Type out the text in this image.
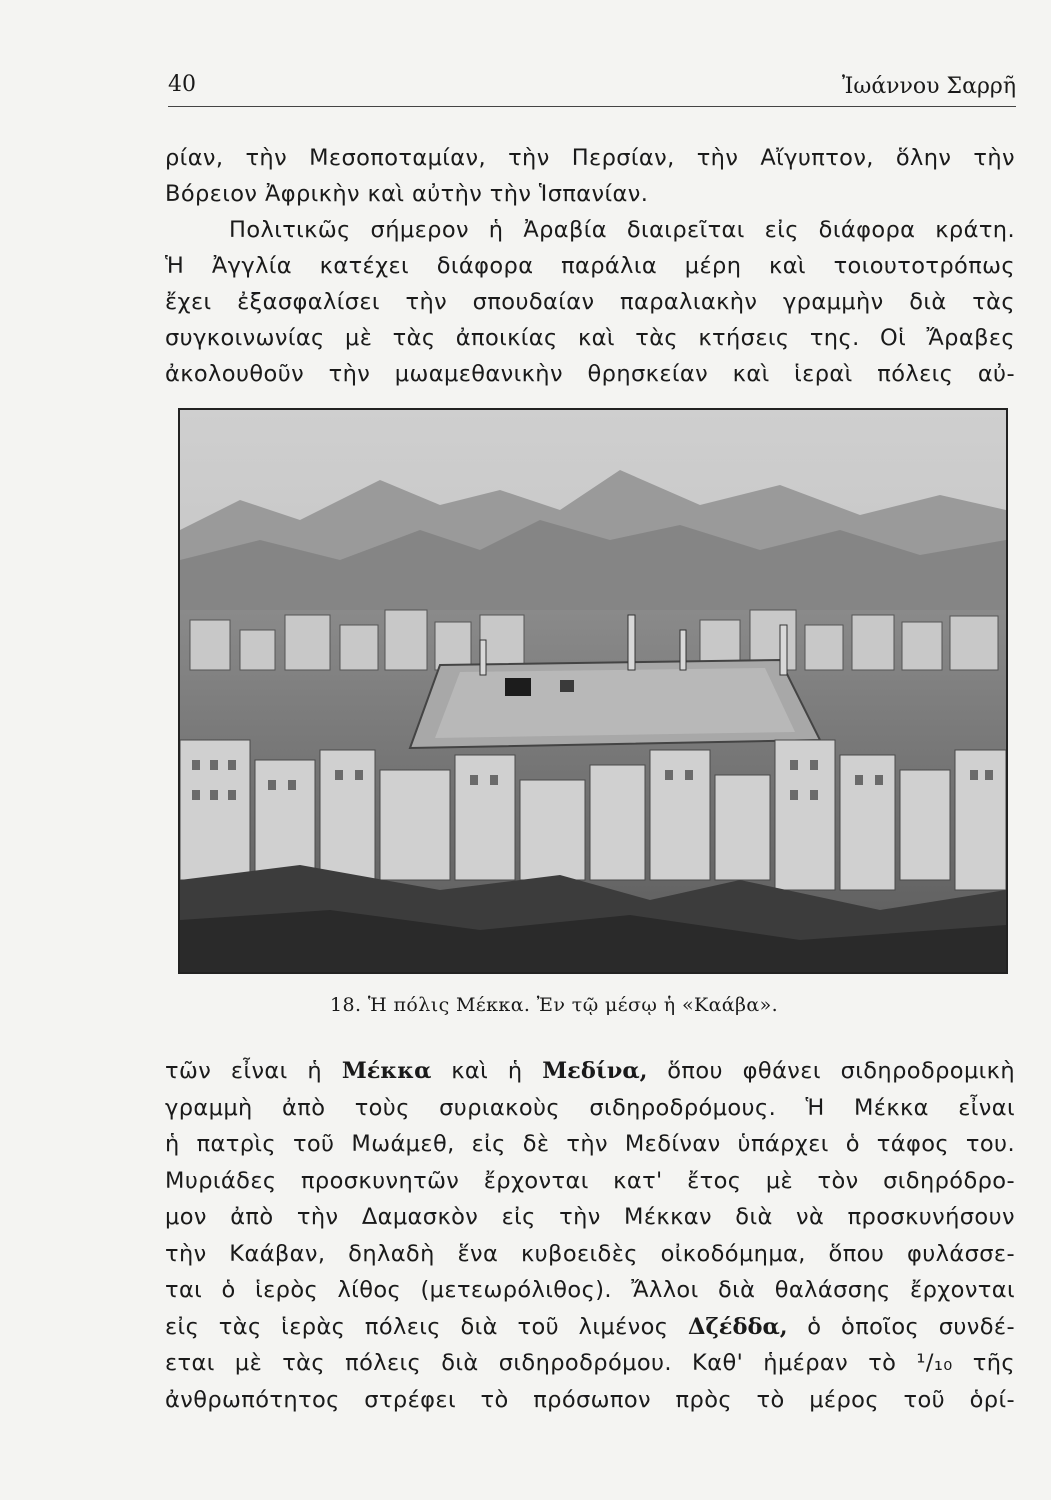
40	Ἰωάννου Σαρρῆ
ρίαν, τὴν Μεσοποταμίαν, τὴν Περσίαν, τὴν Αἴγυπτον, ὅλην τὴν
Βόρειον Ἀφρικὴν καὶ αὐτὴν τὴν Ἱσπανίαν.
Πολιτικῶς σήμερον ἡ Ἀραβία διαιρεῖται εἰς διάφορα κράτη.
Ἡ Ἀγγλία κατέχει διάφορα παράλια μέρη καὶ τοιουτοτρόπως
ἔχει ἐξασφαλίσει τὴν σπουδαίαν παραλιακὴν γραμμὴν διὰ τὰς
συγκοινωνίας μὲ τὰς ἀποικίας καὶ τὰς κτήσεις της. Οἱ Ἄραβες
ἀκολουθοῦν τὴν μωαμεθανικὴν θρησκείαν καὶ ἱεραὶ πόλεις αὐ-
18. Ἡ πόλις Μέκκα. Ἐν τῷ μέσῳ ἡ «Καάβα».
τῶν εἶναι ἡ Μέκκα καὶ ἡ Μεδίνα, ὅπου φθάνει σιδηροδρομικὴ
γραμμὴ ἀπὸ τοὺς συριακοὺς σιδηροδρόμους. Ἡ Μέκκα εἶναι
ἡ πατρὶς τοῦ Μωάμεθ, εἰς δὲ τὴν Μεδίναν ὑπάρχει ὁ τάφος του.
Μυριάδες προσκυνητῶν ἔρχονται κατ' ἔτος μὲ τὸν σιδηρόδρο-
μον ἀπὸ τὴν Δαμασκὸν εἰς τὴν Μέκκαν διὰ νὰ προσκυνήσουν
τὴν Καάβαν, δηλαδὴ ἕνα κυβοειδὲς οἰκοδόμημα, ὅπου φυλάσσε-
ται ὁ ἱερὸς λίθος (μετεωρόλιθος). Ἄλλοι διὰ θαλάσσης ἔρχονται
εἰς τὰς ἱερὰς πόλεις διὰ τοῦ λιμένος Δζέδδα, ὁ ὁποῖος συνδέ-
εται μὲ τὰς πόλεις διὰ σιδηροδρόμου. Καθ' ἡμέραν τὸ ¹/₁₀ τῆς
ἀνθρωπότητος στρέφει τὸ πρόσωπον πρὸς τὸ μέρος τοῦ ὁρί-
